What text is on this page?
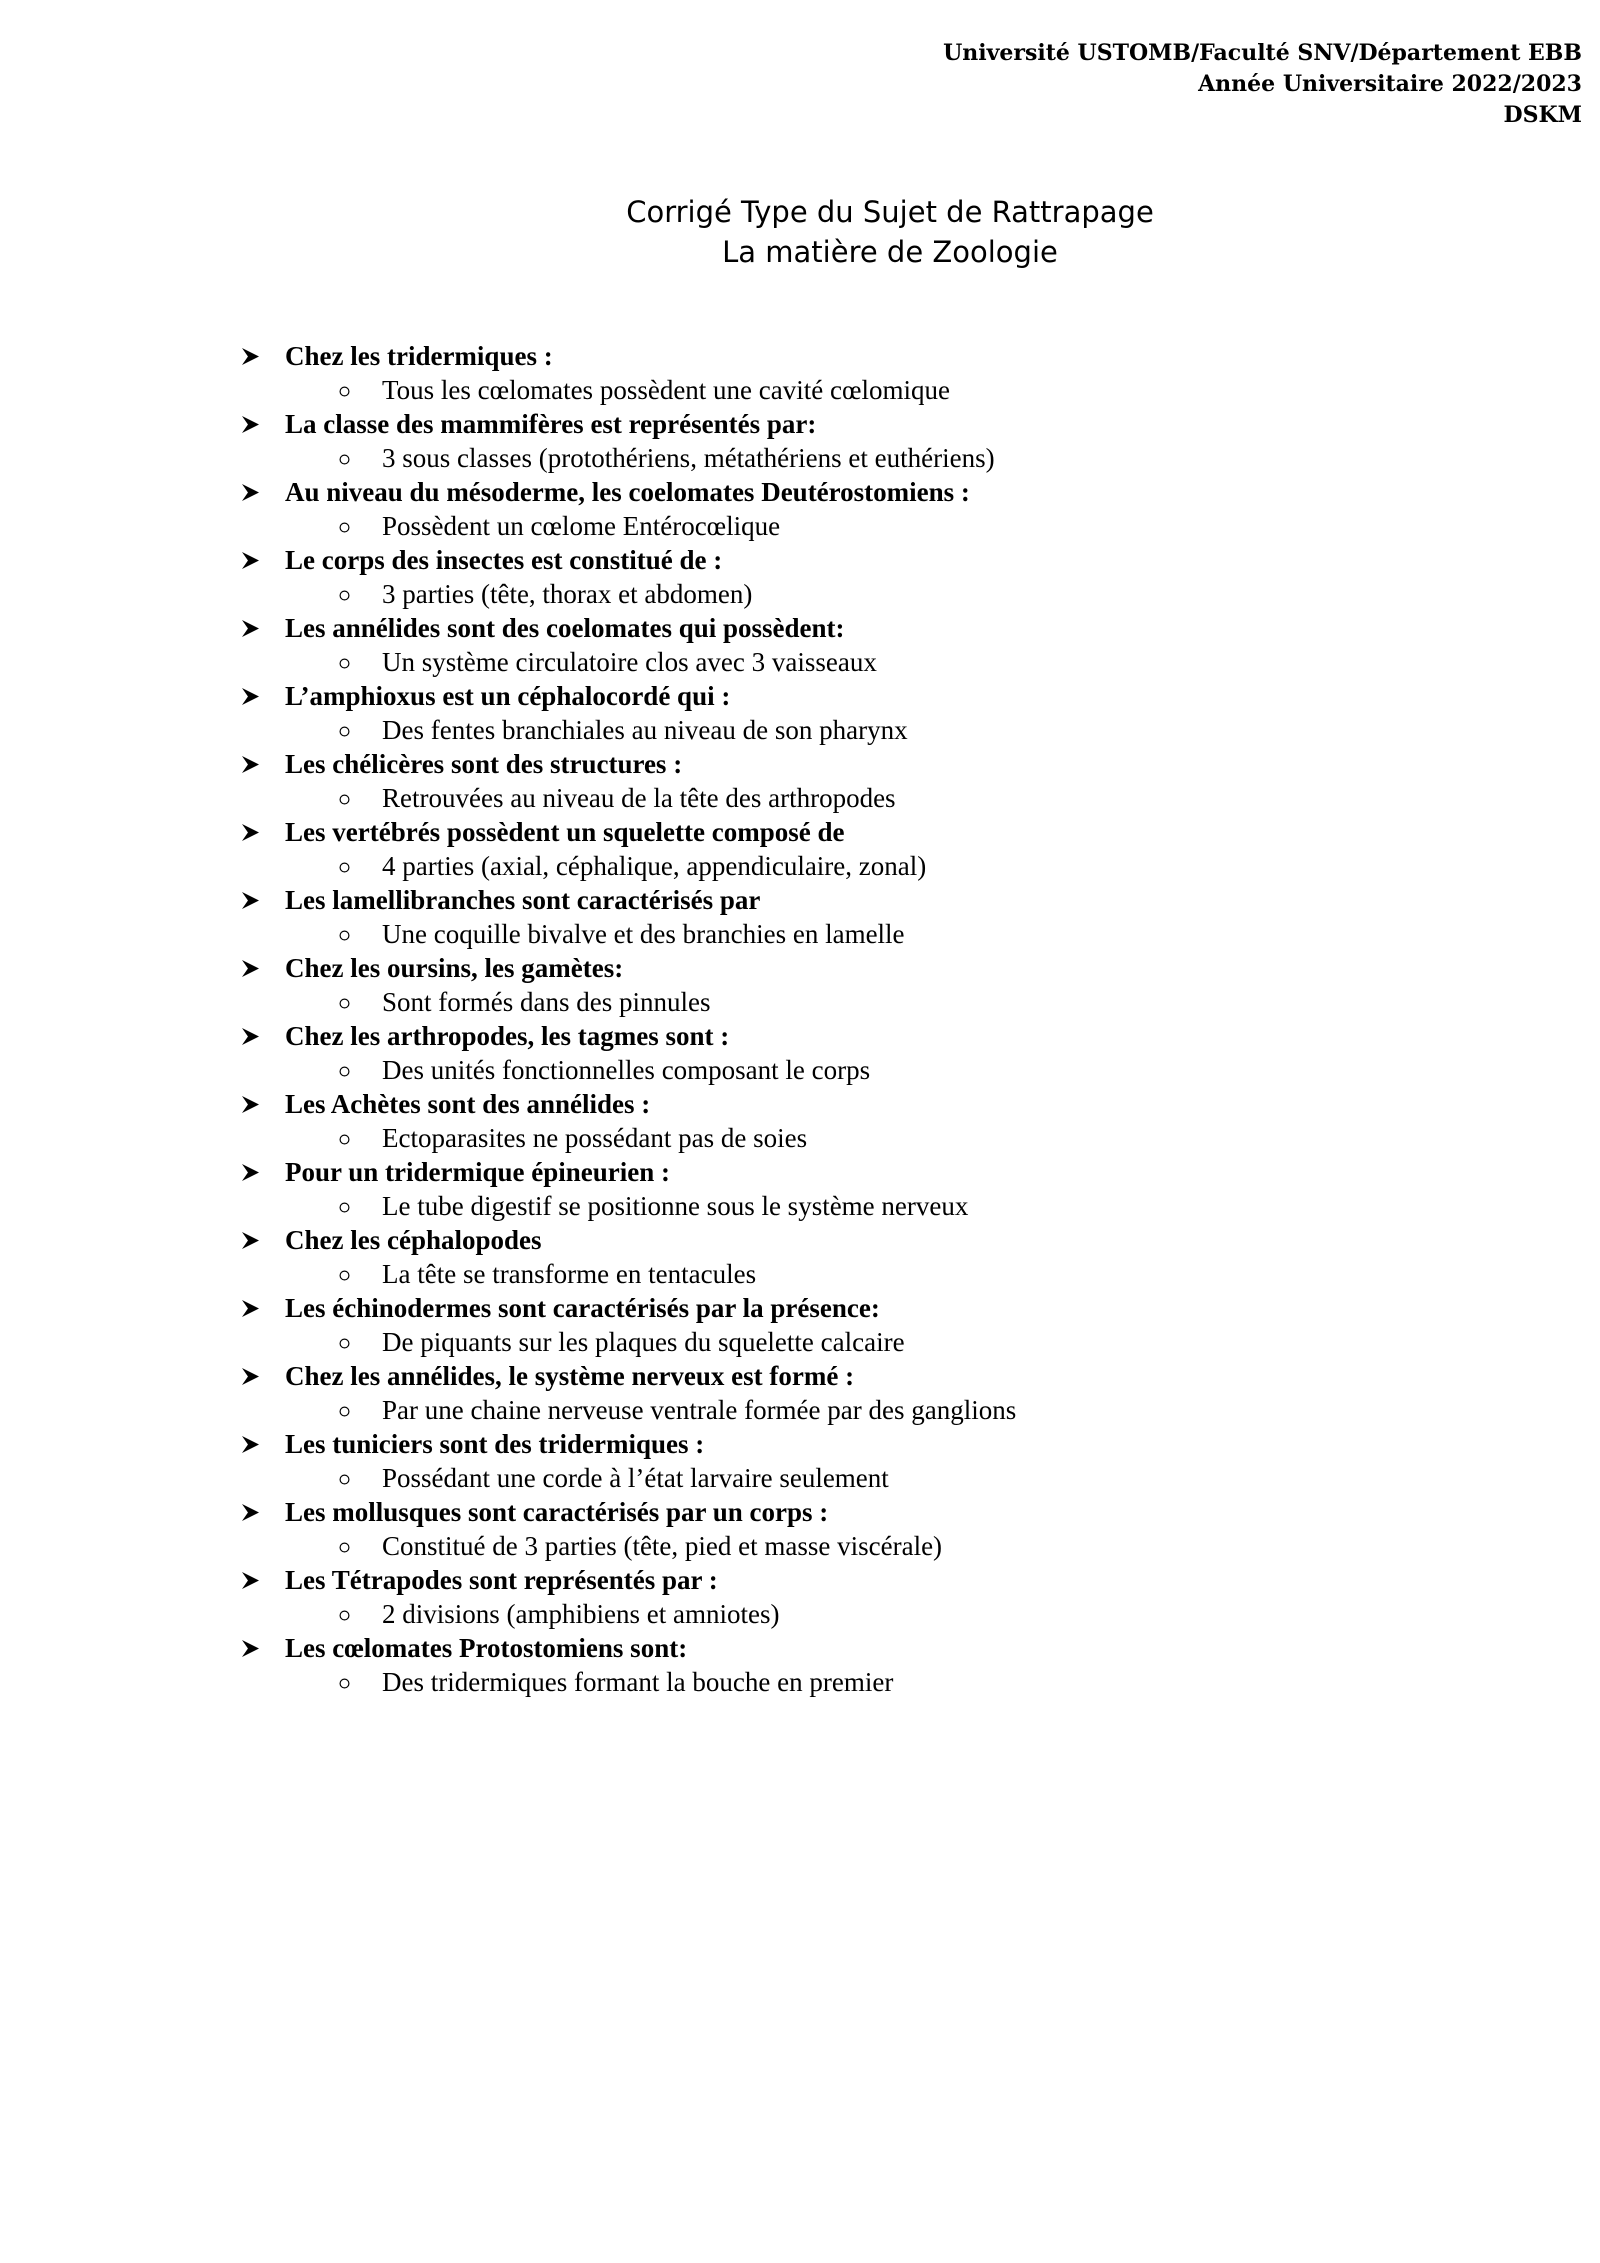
Université USTOMB/Faculté SNV/Département EBB
Année Universitaire 2022/2023
DSKM
Corrigé Type du Sujet de Rattrapage
La matière de Zoologie
Chez les tridermiques :
Tous les cœlomates possèdent une cavité cœlomique
La classe des mammifères est représentés par:
3 sous classes (protothériens, métathériens et euthériens)
Au niveau du mésoderme, les coelomates Deutérostomiens :
Possèdent un cœlome Entérocœlique
Le corps des insectes est constitué de :
3 parties (tête, thorax et abdomen)
Les annélides sont des coelomates qui possèdent:
Un système circulatoire clos avec 3 vaisseaux
L’amphioxus est un céphalocordé qui :
Des fentes branchiales au niveau de son pharynx
Les chélicères sont des structures :
Retrouvées au niveau de la tête des arthropodes
Les vertébrés possèdent un squelette composé de
4 parties (axial, céphalique, appendiculaire, zonal)
Les lamellibranches sont caractérisés par
Une coquille bivalve et des branchies en lamelle
Chez les oursins, les gamètes:
Sont formés dans des pinnules
Chez les arthropodes, les tagmes sont :
Des unités fonctionnelles composant le corps
Les Achètes sont des annélides :
Ectoparasites ne possédant pas de soies
Pour un tridermique épineurien :
Le tube digestif se positionne sous le système nerveux
Chez les céphalopodes
La tête se transforme en tentacules
Les échinodermes sont caractérisés par la présence:
De piquants sur les plaques du squelette calcaire
Chez les annélides, le système nerveux est formé :
Par une chaine nerveuse ventrale formée par des ganglions
Les tuniciers sont des tridermiques :
Possédant une corde à l’état larvaire seulement
Les mollusques sont caractérisés par un corps :
Constitué de 3 parties (tête, pied et masse viscérale)
Les Tétrapodes sont représentés par :
2 divisions (amphibiens et amniotes)
Les cœlomates Protostomiens sont:
Des tridermiques formant la bouche en premier
